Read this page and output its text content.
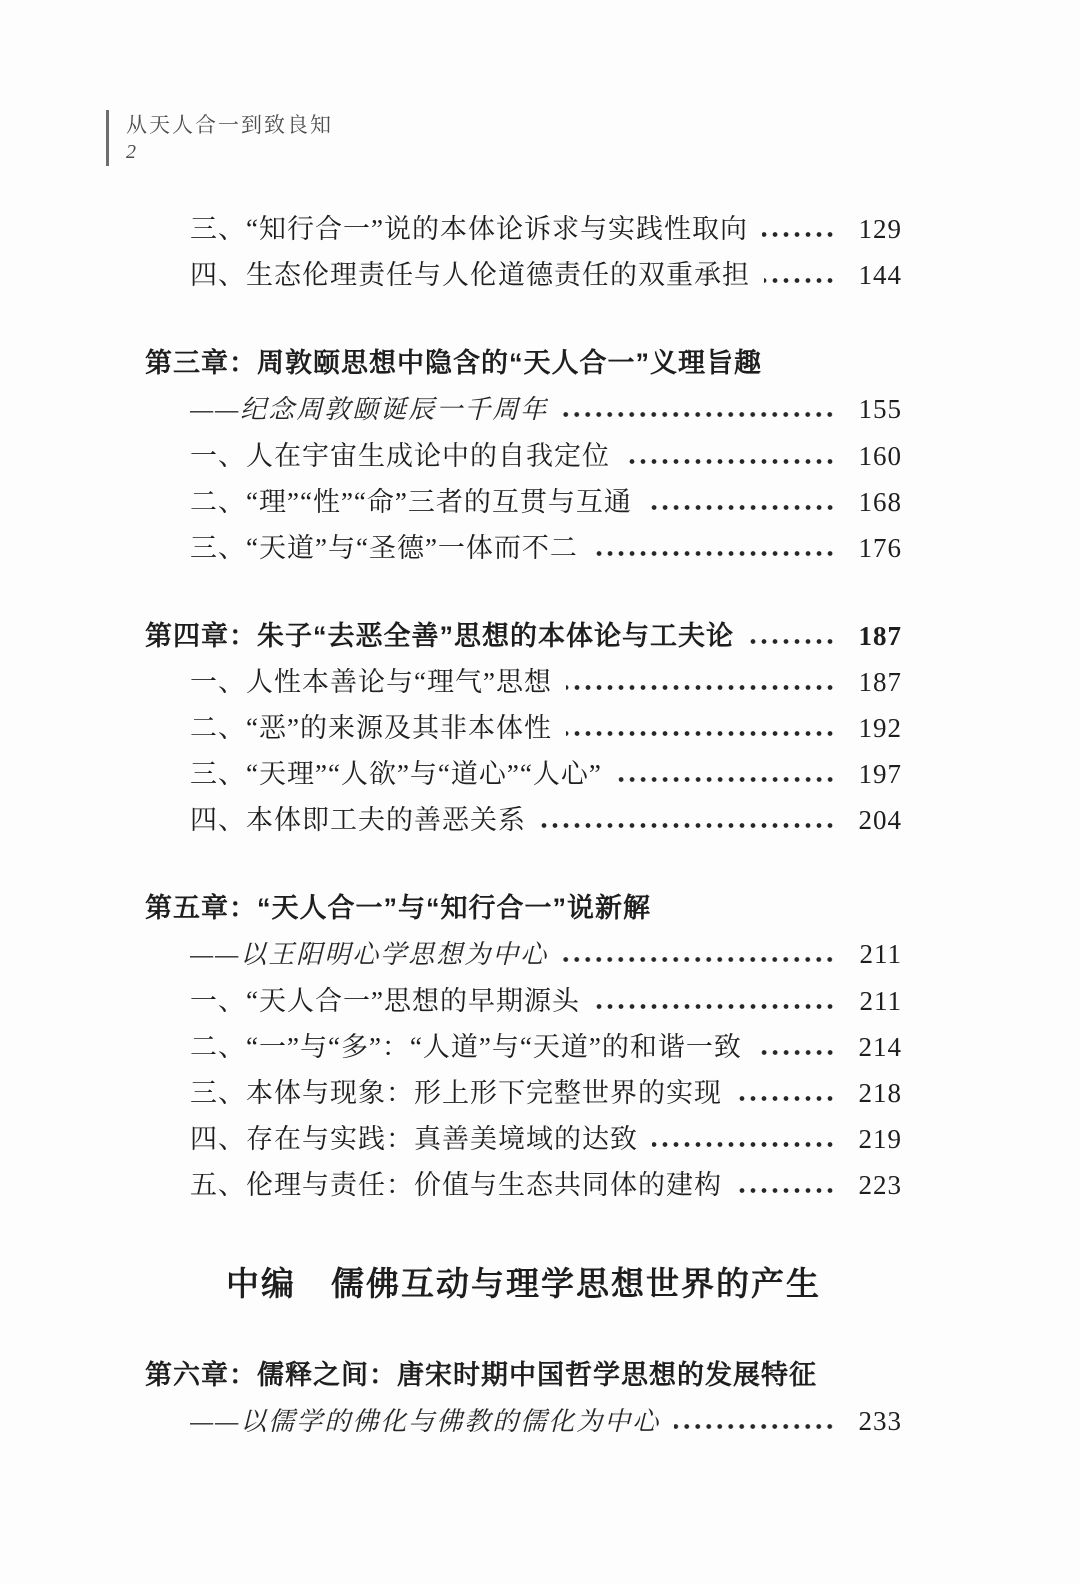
从天人合一到致良知
2
三、“知行合一”说的本体论诉求与实践性取向	129
四、生态伦理责任与人伦道德责任的双重承担	144
第三章：周敦颐思想中隐含的“天人合一”义理旨趣
——纪念周敦颐诞辰一千周年	155
一、人在宇宙生成论中的自我定位	160
二、“理”“性”“命”三者的互贯与互通	168
三、“天道”与“圣德”一体而不二	176
第四章：朱子“去恶全善”思想的本体论与工夫论	187
一、人性本善论与“理气”思想	187
二、“恶”的来源及其非本体性	192
三、“天理”“人欲”与“道心”“人心”	197
四、本体即工夫的善恶关系	204
第五章：“天人合一”与“知行合一”说新解
——以王阳明心学思想为中心	211
一、“天人合一”思想的早期源头	211
二、“一”与“多”：“人道”与“天道”的和谐一致	214
三、本体与现象：形上形下完整世界的实现	218
四、存在与实践：真善美境域的达致	219
五、伦理与责任：价值与生态共同体的建构	223
中编　儒佛互动与理学思想世界的产生
第六章：儒释之间：唐宋时期中国哲学思想的发展特征
——以儒学的佛化与佛教的儒化为中心	233
